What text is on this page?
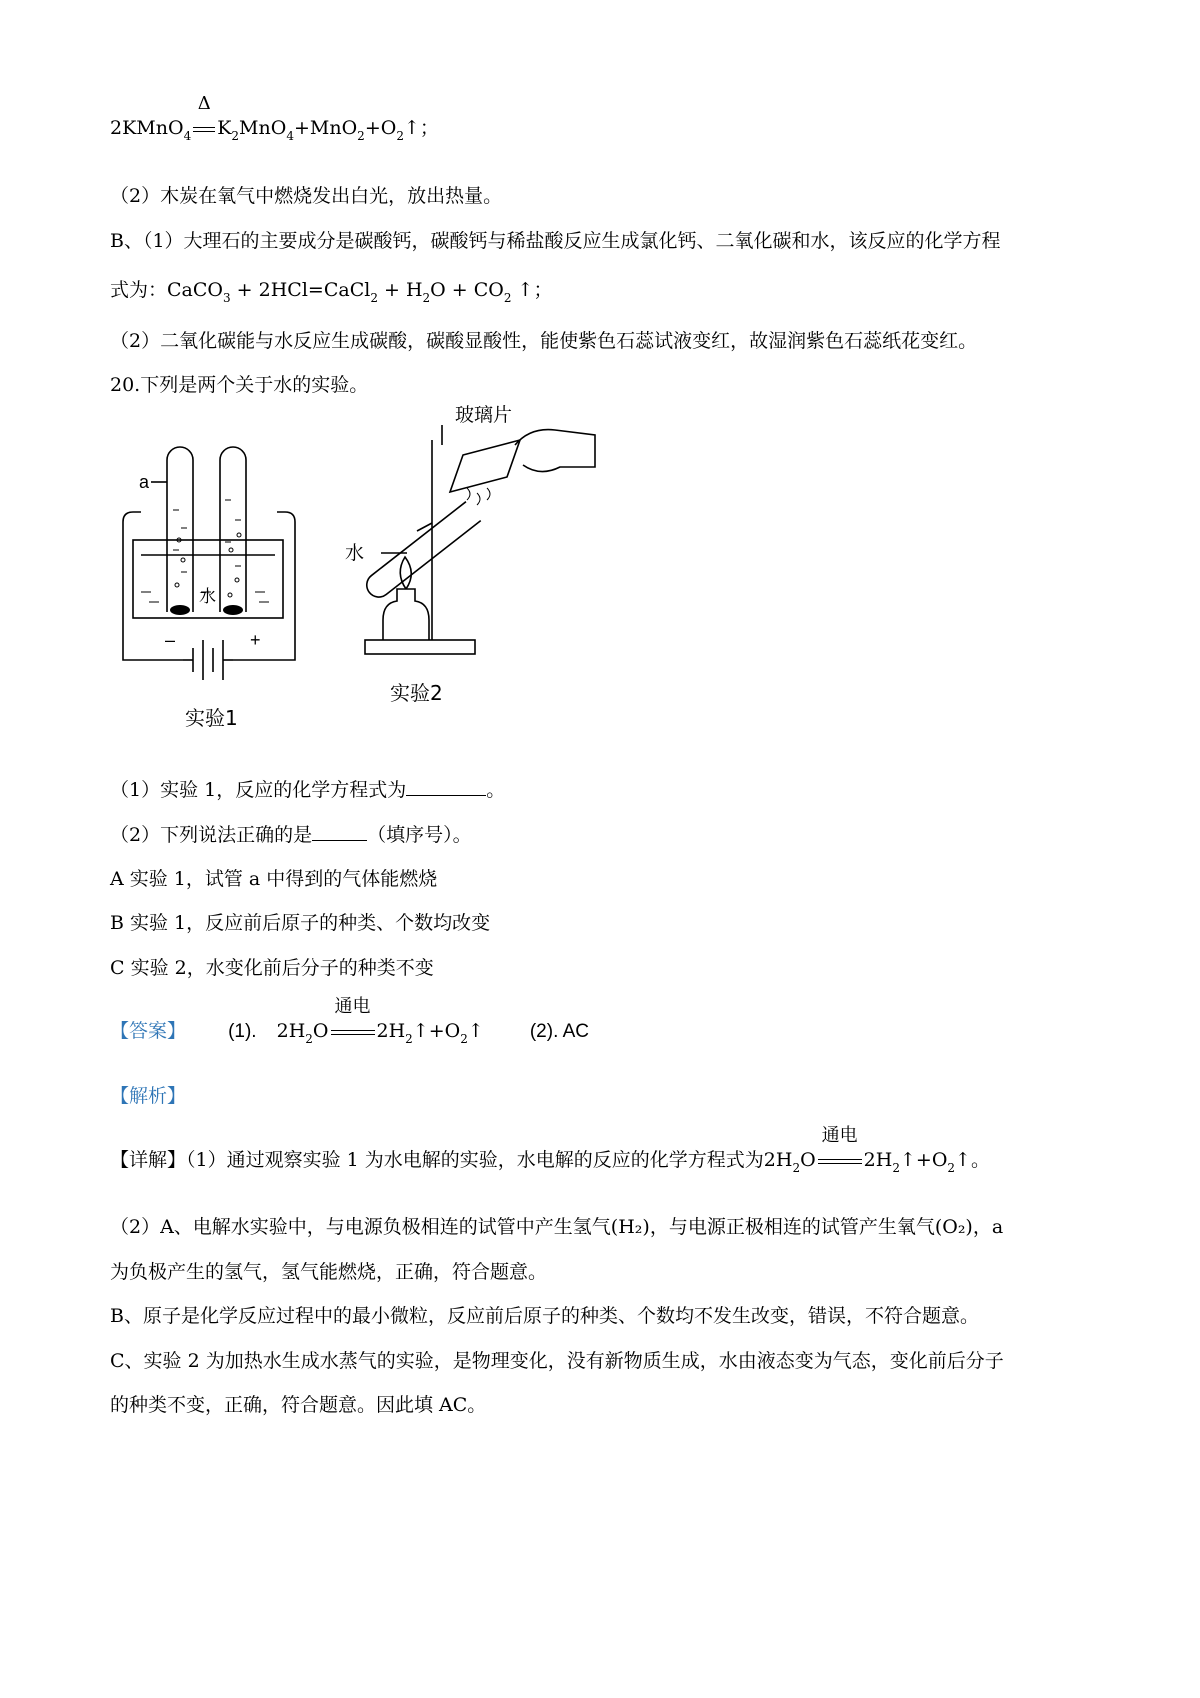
2KMnO$_4$
Δ
$K_2MnO_4+MnO_2+O_2↑$；
（2）木炭在氧气中燃烧发出白光，放出热量。
B、（1）大理石的主要成分是碳酸钙，碳酸钙与稀盐酸反应生成氯化钙、二氧化碳和水，该反应的化学方程
式为：CaCO$_3$ + 2HCl=CaCl$_2$ + $H_2O + CO_2$ ↑；
（2）二氧化碳能与水反应生成碳酸，碳酸显酸性，能使紫色石蕊试液变红，故湿润紫色石蕊纸花变红。
20.下列是两个关于水的实验。
a
水
–	+
实验1
玻璃片
水
实验2
（1）实验 1，反应的化学方程式为	。
（2）下列说法正确的是	（填序号）。
A 实验 1，试管 a 中得到的气体能燃烧
B 实验 1，反应前后原子的种类、个数均改变
C 实验 2，水变化前后分子的种类不变
【答案】 (1). $2H_2O$
通电
$2H_2↑+O_2↑$ (2). AC
【解析】
【详解】（1）通过观察实验 1 为水电解的实验，水电解的反应的化学方程式为$2H_2O$
通电
$2H_2↑+O_2↑$。
（2）A、电解水实验中，与电源负极相连的试管中产生氢气(H₂)，与电源正极相连的试管产生氧气(O₂)，a
为负极产生的氢气，氢气能燃烧，正确，符合题意。
B、原子是化学反应过程中的最小微粒，反应前后原子的种类、个数均不发生改变，错误，不符合题意。
C、实验 2 为加热水生成水蒸气的实验，是物理变化，没有新物质生成，水由液态变为气态，变化前后分子
的种类不变，正确，符合题意。因此填 AC。
